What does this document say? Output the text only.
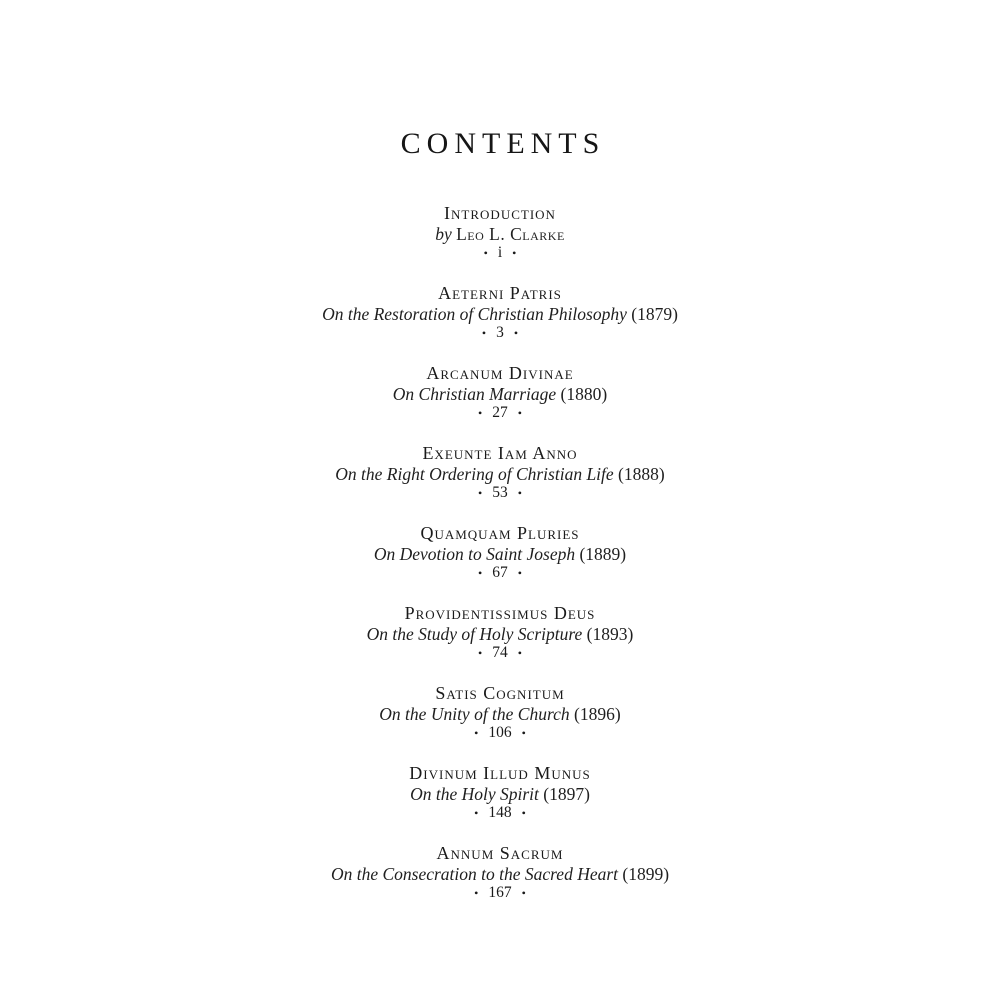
CONTENTS
Introduction
by Leo L. Clarke
• i •
Aeterni Patris
On the Restoration of Christian Philosophy (1879)
• 3 •
Arcanum Divinae
On Christian Marriage (1880)
• 27 •
Exeunte Iam Anno
On the Right Ordering of Christian Life (1888)
• 53 •
Quamquam Pluries
On Devotion to Saint Joseph (1889)
• 67 •
Providentissimus Deus
On the Study of Holy Scripture (1893)
• 74 •
Satis Cognitum
On the Unity of the Church (1896)
• 106 •
Divinum Illud Munus
On the Holy Spirit (1897)
• 148 •
Annum Sacrum
On the Consecration to the Sacred Heart (1899)
• 167 •
